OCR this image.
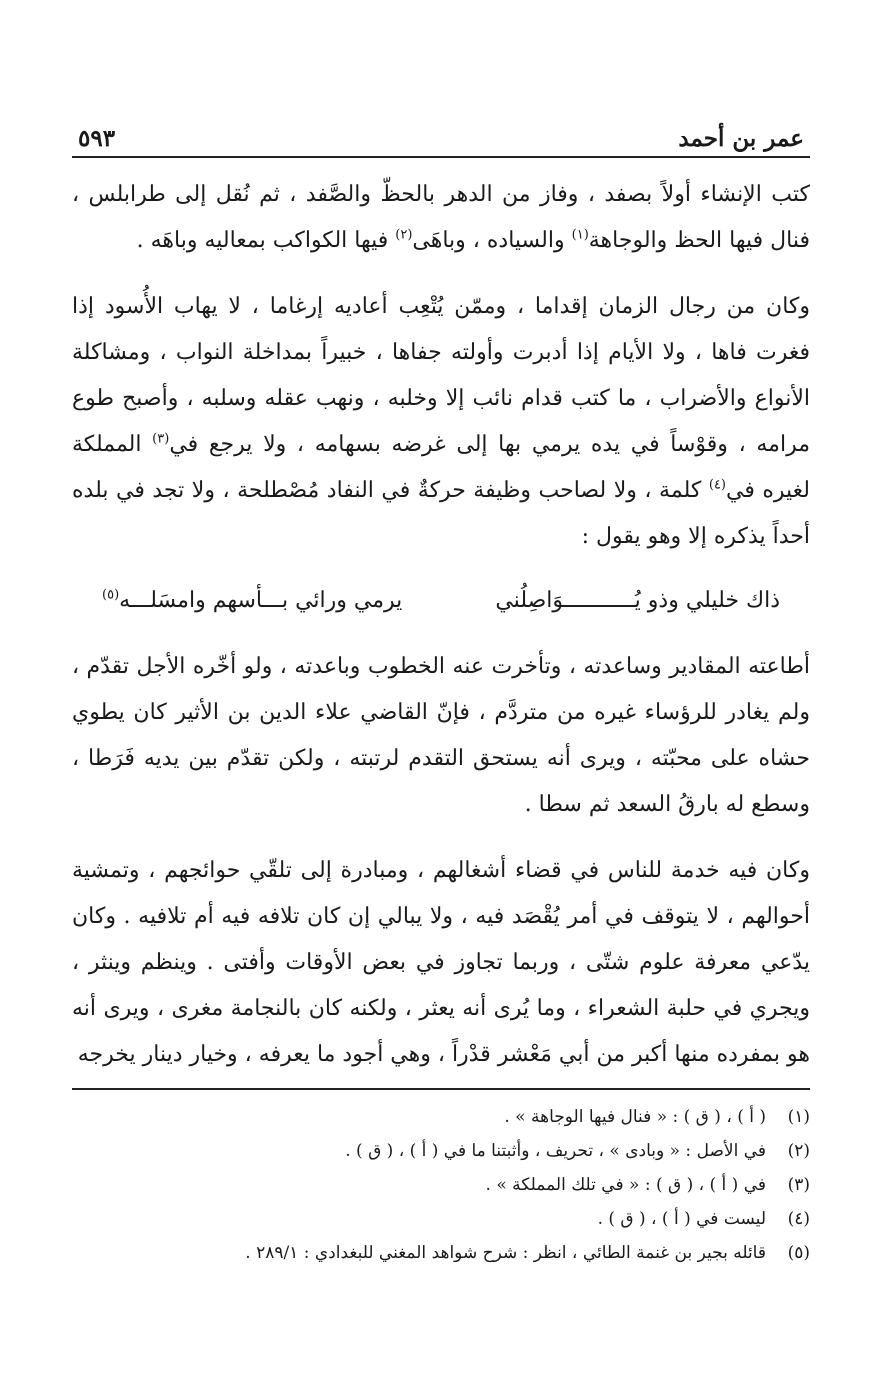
عمر بن أحمد
٥٩٣

كتب الإنشاء أولاً بصفد ، وفاز من الدهر بالحظّ والصَّفد ، ثم نُقل إلى طرابلس ، فنال فيها الحظ والوجاهة$^{(١)}$ والسياده ، وباهَى$^{(٢)}$ فيها الكواكب بمعاليه وباهَه .

وكان من رجال الزمان إقداما ، وممّن يُتْعِب أعاديه إرغاما ، لا يهاب الأُسود إذا فغرت فاها ، ولا الأيام إذا أدبرت وأولته جفاها ، خبيراً بمداخلة النواب ، ومشاكلة الأنواع والأضراب ، ما كتب قدام نائب إلا وخلبه ، ونهب عقله وسلبه ، وأصبح طوع مرامه ، وقوْساً في يده يرمي بها إلى غرضه بسهامه ، ولا يرجع في$^{(٣)}$ المملكة لغيره في$^{(٤)}$ كلمة ، ولا لصاحب وظيفة حركةٌ في النفاد مُصْطلحة ، ولا تجد في بلده أحداً يذكره إلا وهو يقول :

ذاك خليلي وذو يُـــــــــــوَاصِلُني
يرمي ورائي بـــأسهم وامسَلـــه$^{(٥)}$

أطاعته المقادير وساعدته ، وتأخرت عنه الخطوب وباعدته ، ولو أخّره الأجل تقدّم ، ولم يغادر للرؤساء غيره من متردَّم ، فإنّ القاضي علاء الدين بن الأثير كان يطوي حشاه على محبّته ، ويرى أنه يستحق التقدم لرتبته ، ولكن تقدّم بين يديه فَرَطا ، وسطع له بارقُ السعد ثم سطا .

وكان فيه خدمة للناس في قضاء أشغالهم ، ومبادرة إلى تلقّي حوائجهم ، وتمشية أحوالهم ، لا يتوقف في أمر يُقْصَد فيه ، ولا يبالي إن كان تلافه فيه أم تلافيه . وكان يدّعي معرفة علوم شتّى ، وربما تجاوز في بعض الأوقات وأفتى . وينظم وينثر ، ويجري في حلبة الشعراء ، وما يُرى أنه يعثر ، ولكنه كان بالنجامة مغرى ، ويرى أنه هو بمفرده منها أكبر من أبي مَعْشر قدْراً ، وهي أجود ما يعرفه ، وخيار دينار يخرجه

(١)
( أ ) ، ( ق ) : « فنال فيها الوجاهة » .
(٢)
في الأصل : « وبادى » ، تحريف ، وأثبتنا ما في ( أ ) ، ( ق ) .
(٣)
في ( أ ) ، ( ق ) : « في تلك المملكة » .
(٤)
ليست في ( أ ) ، ( ق ) .
(٥)
قائله بجير بن غنمة الطائي ، انظر : شرح شواهد المغني للبغدادي : ٢٨٩/١ .
